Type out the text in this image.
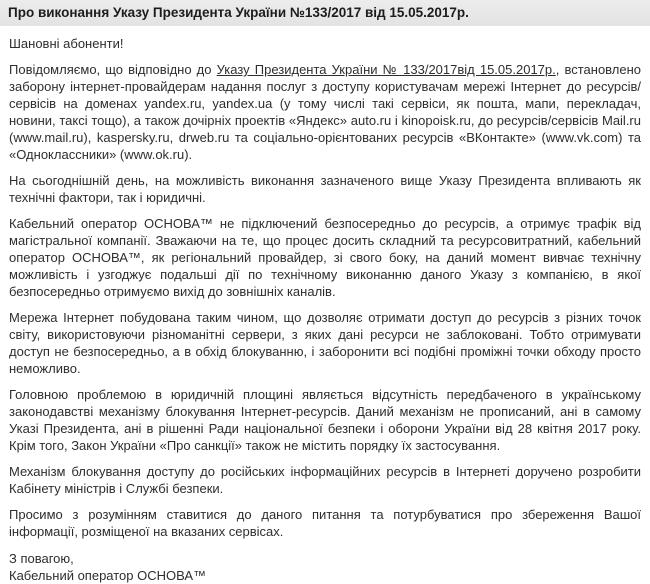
Про виконання Указу Президента України №133/2017 від 15.05.2017р.

Шановні абоненти!

Повідомляємо, що відповідно до Указу Президента України № 133/2017від 15.05.2017р., встановлено заборону інтернет-провайдерам надання послуг з доступу користувачам мережі Інтернет до ресурсів/сервісів на доменах yandex.ru, yandex.ua (у тому числі такі сервіси, як пошта, мапи, перекладач, новини, таксі тощо), а також дочірніх проектів «Яндекс» auto.ru і kinopoisk.ru, до ресурсів/сервісів Mail.ru (www.mail.ru), kaspersky.ru, drweb.ru та соціально-орієнтованих ресурсів «ВКонтакте» (www.vk.com) та «Одноклассники» (www.ok.ru).

На сьогоднішній день, на можливість виконання зазначеного вище Указу Президента впливають як технічні фактори, так і юридичні.

Кабельний оператор ОСНОВА™ не підключений безпосередньо до ресурсів, а отримує трафік від магістральної компанії. Зважаючи на те, що процес досить складний та ресурсовитратний, кабельний оператор ОСНОВА™, як регіональний провайдер, зі свого боку, на даний момент вивчає технічну можливість і узгоджує подальші дії по технічному виконанню даного Указу з компанією, в якої безпосередньо отримуємо вихід до зовнішніх каналів.

Мережа Інтернет побудована таким чином, що дозволяє отримати доступ до ресурсів з різних точок світу, використовуючи різноманітні сервери, з яких дані ресурси не заблоковані. Тобто отримувати доступ не безпосередньо, а в обхід блокуванню, і заборонити всі подібні проміжні точки обходу просто неможливо.

Головною проблемою в юридичній площині являється відсутність передбаченого в українському законодавстві механізму блокування Інтернет-ресурсів. Даний механізм не прописаний, ані в самому Указі Президента, ані в рішенні Ради національної безпеки і оборони України від 28 квітня 2017 року. Крім того, Закон України «Про санкції» також не містить порядку їх застосування.

Механізм блокування доступу до російських інформаційних ресурсів в Інтернеті доручено розробити Кабінету міністрів і Службі безпеки.

Просимо з розумінням ставитися до даного питання та потурбуватися про збереження Вашої інформації, розміщеної на вказаних сервісах.

З повагою,
Кабельний оператор ОСНОВА™
